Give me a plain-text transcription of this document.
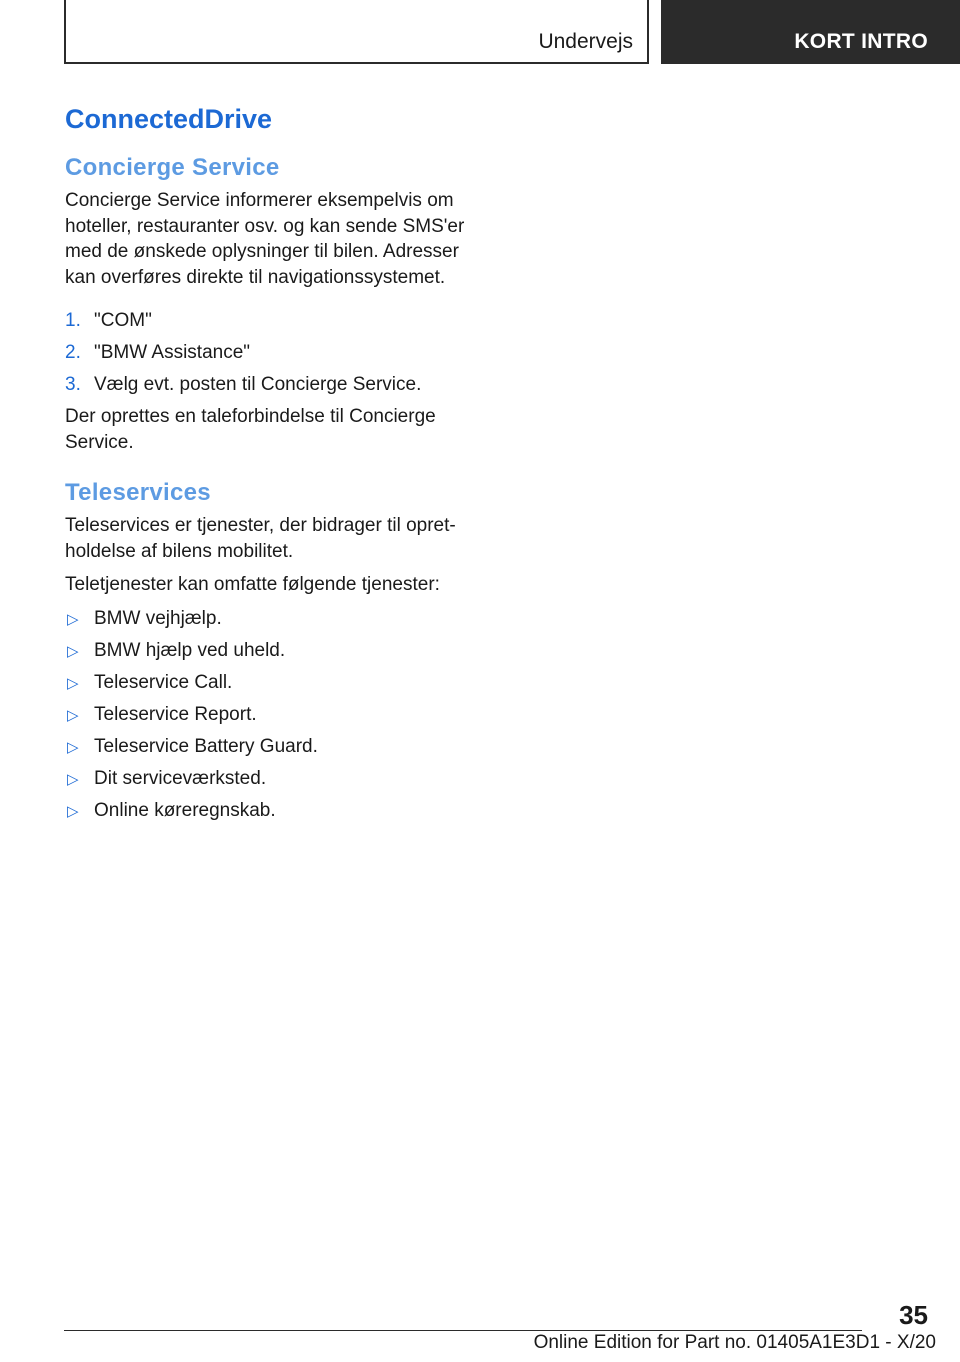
Undervejs	KORT INTRO
ConnectedDrive
Concierge Service

Concierge Service informerer eksempelvis om hoteller, restauranter osv. og kan sende SMS'er med de ønskede oplysninger til bilen. Adresser kan overføres direkte til navigationssystemet.

1. "COM"
2. "BMW Assistance"
3. Vælg evt. posten til Concierge Service.

Der oprettes en taleforbindelse til Concierge Service.

Teleservices

Teleservices er tjenester, der bidrager til opretholdelse af bilens mobilitet.

Teletjenester kan omfatte følgende tjenester:

▷ BMW vejhjælp.
▷ BMW hjælp ved uheld.
▷ Teleservice Call.
▷ Teleservice Report.
▷ Teleservice Battery Guard.
▷ Dit serviceværksted.
▷ Online køreregnskab.
35
Online Edition for Part no. 01405A1E3D1 - X/20
